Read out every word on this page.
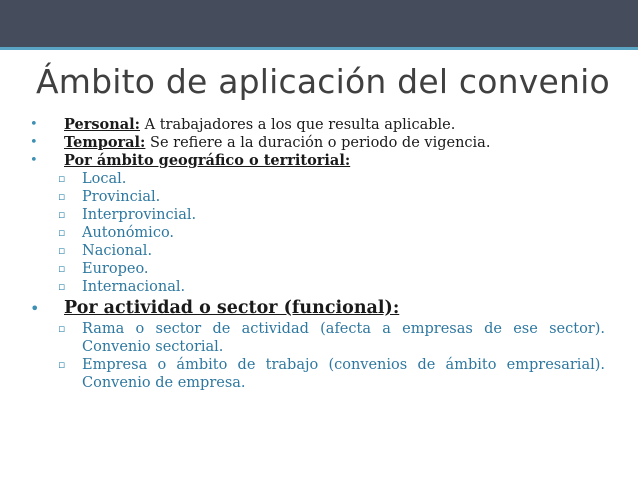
Ámbito de aplicación del convenio
•	Personal: A trabajadores a los que resulta aplicable.
•	Temporal: Se refiere a la duración o periodo de vigencia.
•	Por ámbito geográfico o territorial:
▫	Local.
▫	Provincial.
▫	Interprovincial.
▫	Autonómico.
▫	Nacional.
▫	Europeo.
▫	Internacional.
•	Por actividad o sector (funcional):
▫	Rama o sector de actividad (afecta a empresas de ese sector). Convenio sectorial.
▫	Empresa o ámbito de trabajo (convenios de ámbito empresarial). Convenio de empresa.
